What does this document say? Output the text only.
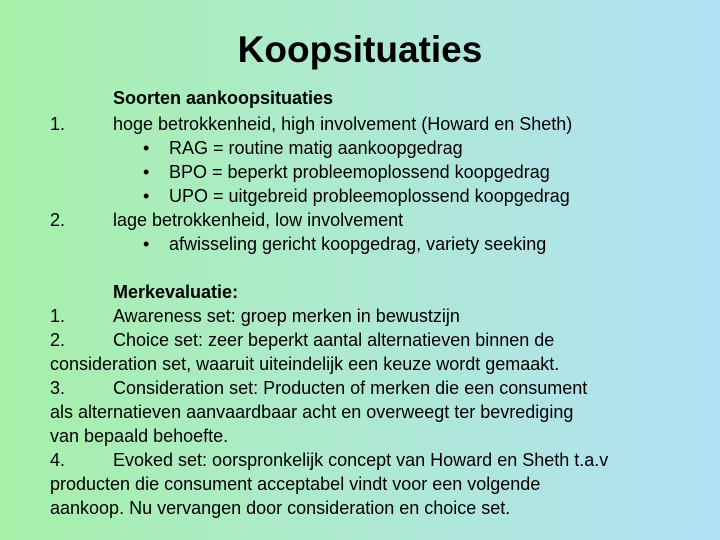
Koopsituaties
Soorten aankoopsituaties
1.	hoge betrokkenheid, high involvement (Howard en Sheth)
• RAG = routine matig aankoopgedrag
• BPO = beperkt probleemoplossend koopgedrag
• UPO = uitgebreid probleemoplossend koopgedrag
2.	lage betrokkenheid, low involvement
• afwisseling gericht koopgedrag, variety seeking
Merkevaluatie:
1.	Awareness set: groep merken in bewustzijn
2.	Choice set: zeer beperkt aantal alternatieven binnen de
consideration set, waaruit uiteindelijk een keuze wordt gemaakt.
3.	Consideration set: Producten of merken die een consument
als alternatieven aanvaardbaar acht en overweegt ter bevrediging
van bepaald behoefte.
4.	Evoked set: oorspronkelijk concept van Howard en Sheth t.a.v
producten die consument acceptabel vindt voor een volgende
aankoop. Nu vervangen door consideration en choice set.
